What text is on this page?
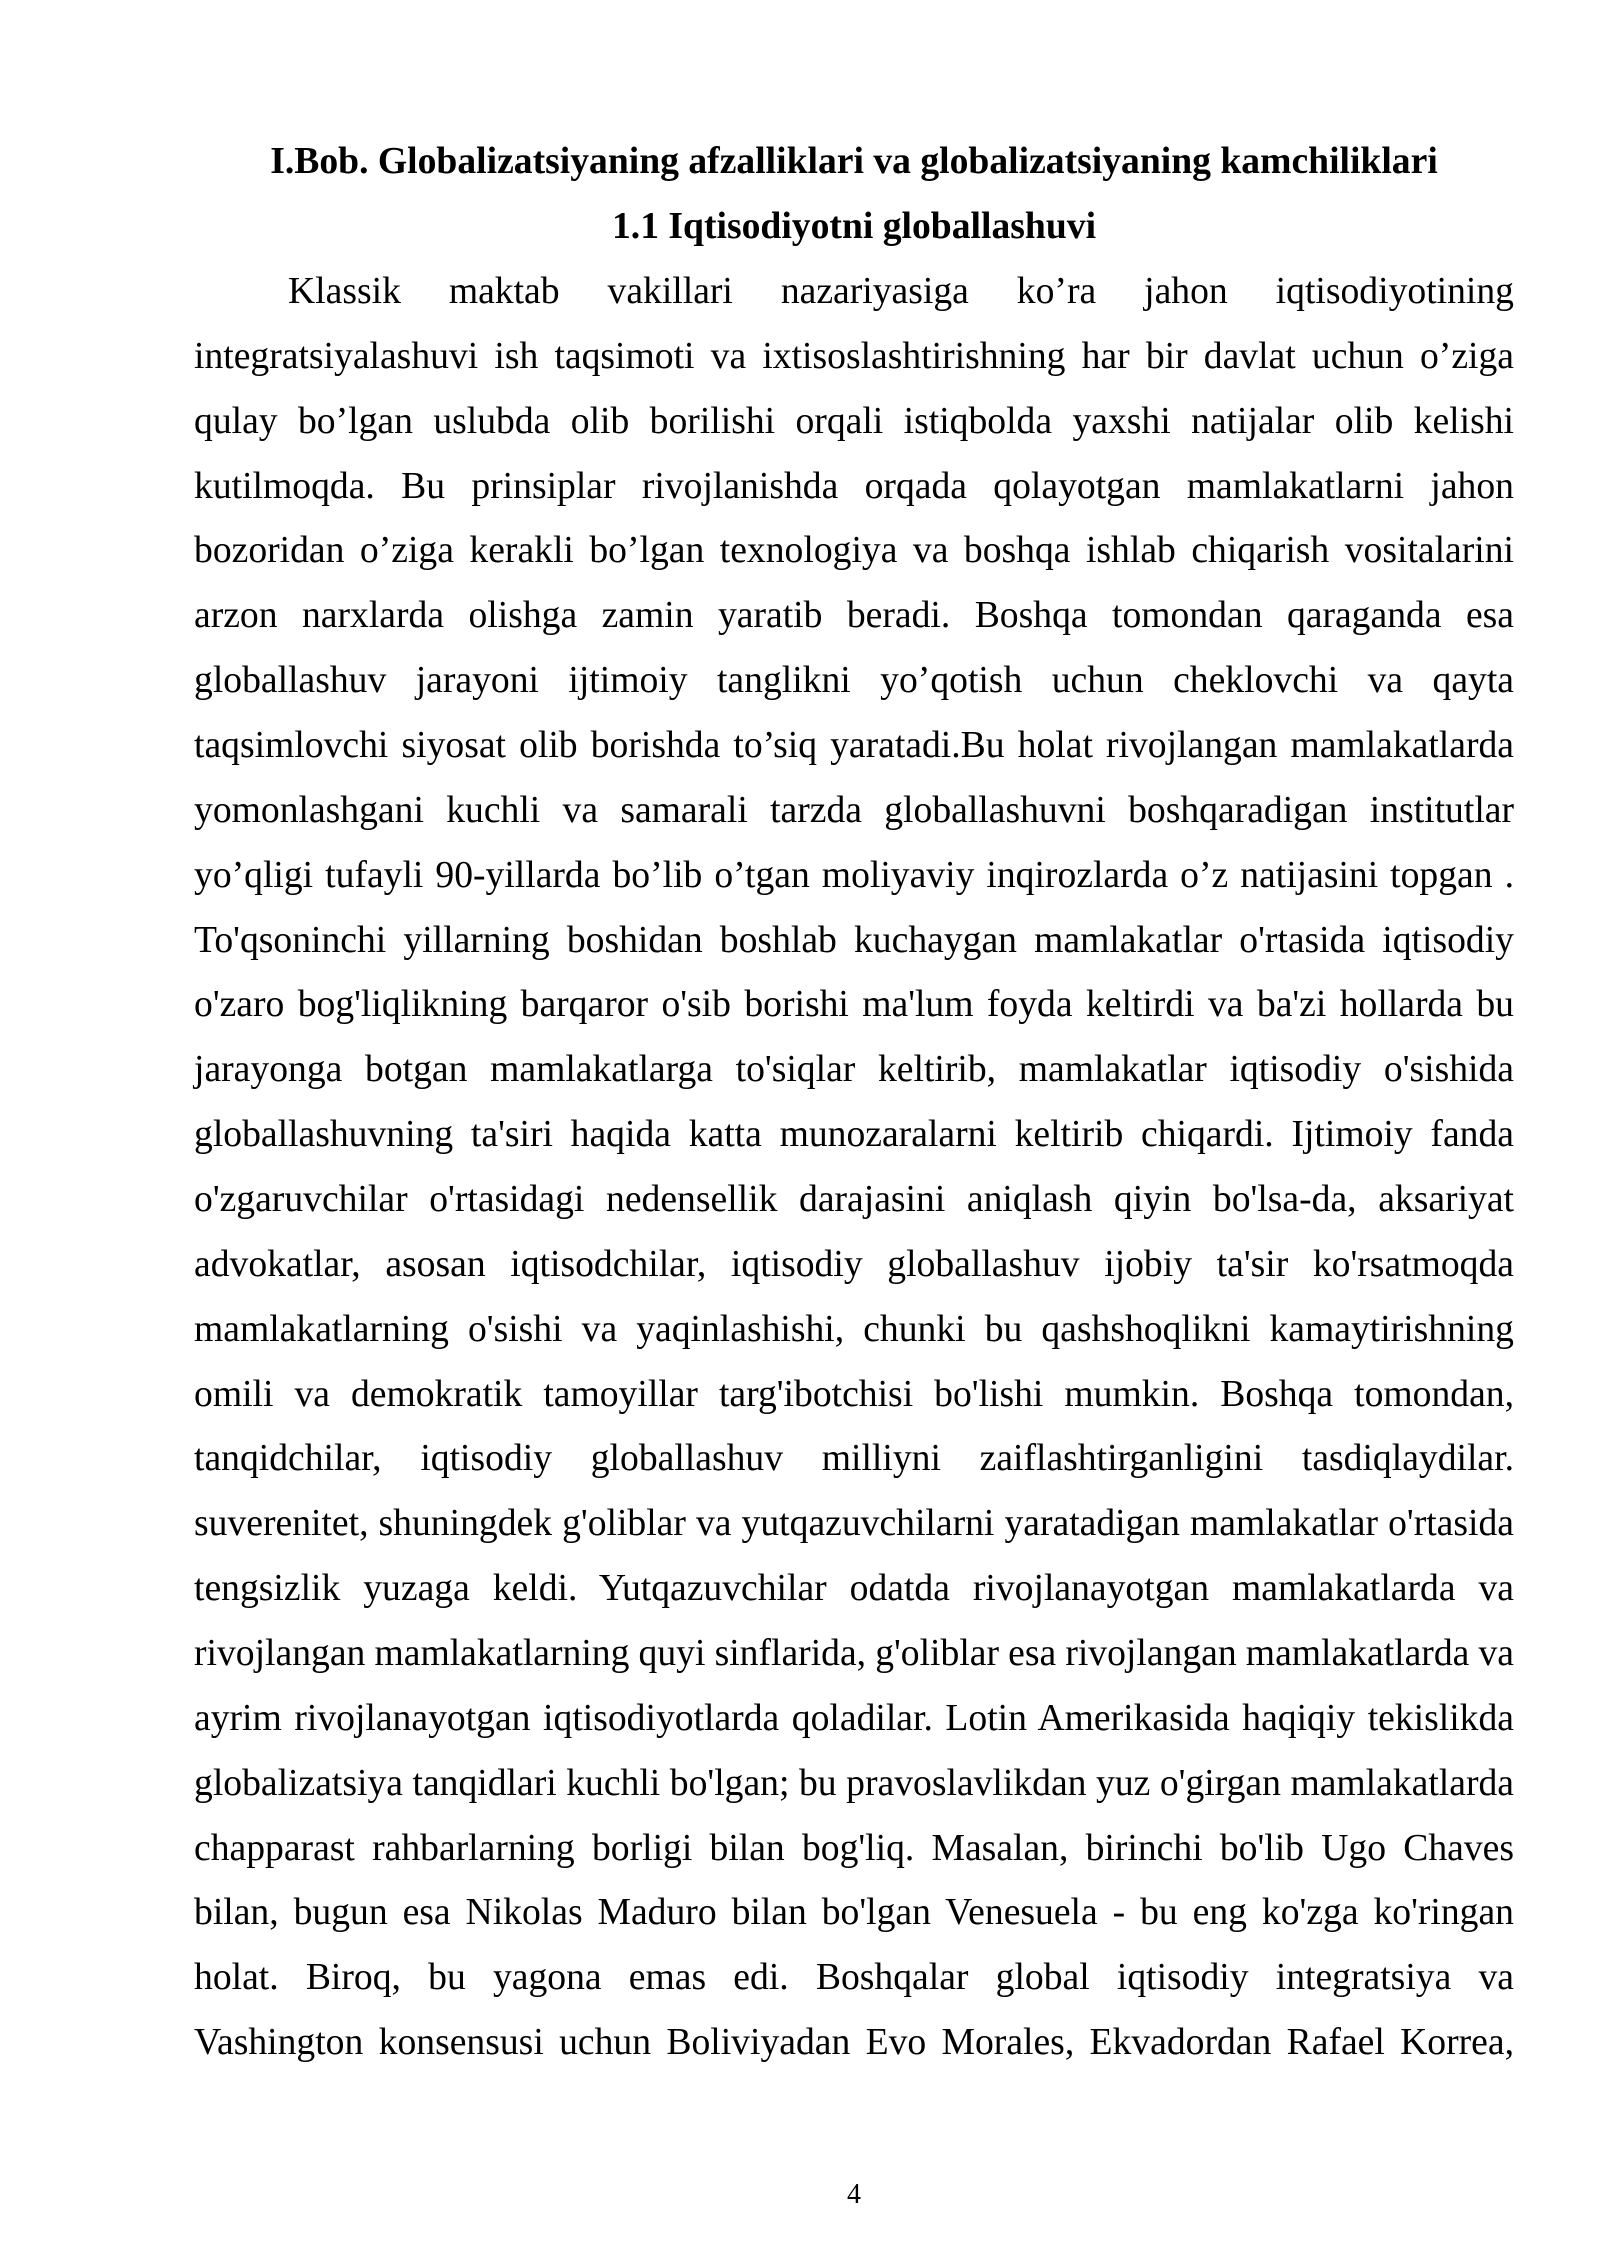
I.Bob. Globalizatsiyaning afzalliklari va globalizatsiyaning kamchiliklari
1.1 Iqtisodiyotni globallashuvi
Klassik maktab vakillari nazariyasiga ko’ra jahon iqtisodiyotining
integratsiyalashuvi ish taqsimoti va ixtisoslashtirishning har bir davlat uchun o’ziga
qulay bo’lgan uslubda olib borilishi orqali istiqbolda yaxshi natijalar olib kelishi
kutilmoqda. Bu prinsiplar rivojlanishda orqada qolayotgan mamlakatlarni jahon
bozoridan o’ziga kerakli bo’lgan texnologiya va boshqa ishlab chiqarish vositalarini
arzon narxlarda olishga zamin yaratib beradi. Boshqa tomondan qaraganda esa
globallashuv jarayoni ijtimoiy tanglikni yo’qotish uchun cheklovchi va qayta
taqsimlovchi siyosat olib borishda to’siq yaratadi.Bu holat rivojlangan mamlakatlarda
yomonlashgani kuchli va samarali tarzda globallashuvni boshqaradigan institutlar
yo’qligi tufayli 90-yillarda bo’lib o’tgan moliyaviy inqirozlarda o’z natijasini topgan .
To'qsoninchi yillarning boshidan boshlab kuchaygan mamlakatlar o'rtasida iqtisodiy
o'zaro bog'liqlikning barqaror o'sib borishi ma'lum foyda keltirdi va ba'zi hollarda bu
jarayonga botgan mamlakatlarga to'siqlar keltirib, mamlakatlar iqtisodiy o'sishida
globallashuvning ta'siri haqida katta munozaralarni keltirib chiqardi. Ijtimoiy fanda
o'zgaruvchilar o'rtasidagi nedensellik darajasini aniqlash qiyin bo'lsa-da, aksariyat
advokatlar, asosan iqtisodchilar, iqtisodiy globallashuv ijobiy ta'sir ko'rsatmoqda
mamlakatlarning o'sishi va yaqinlashishi, chunki bu qashshoqlikni kamaytirishning
omili va demokratik tamoyillar targ'ibotchisi bo'lishi mumkin. Boshqa tomondan,
tanqidchilar, iqtisodiy globallashuv milliyni zaiflashtirganligini tasdiqlaydilar.
suverenitet, shuningdek g'oliblar va yutqazuvchilarni yaratadigan mamlakatlar o'rtasida
tengsizlik yuzaga keldi. Yutqazuvchilar odatda rivojlanayotgan mamlakatlarda va
rivojlangan mamlakatlarning quyi sinflarida, g'oliblar esa rivojlangan mamlakatlarda va
ayrim rivojlanayotgan iqtisodiyotlarda qoladilar. Lotin Amerikasida haqiqiy tekislikda
globalizatsiya tanqidlari kuchli bo'lgan; bu pravoslavlikdan yuz o'girgan mamlakatlarda
chapparast rahbarlarning borligi bilan bog'liq. Masalan, birinchi bo'lib Ugo Chaves
bilan, bugun esa Nikolas Maduro bilan bo'lgan Venesuela - bu eng ko'zga ko'ringan
holat. Biroq, bu yagona emas edi. Boshqalar global iqtisodiy integratsiya va
Vashington konsensusi uchun Boliviyadan Evo Morales, Ekvadordan Rafael Korrea,
4
